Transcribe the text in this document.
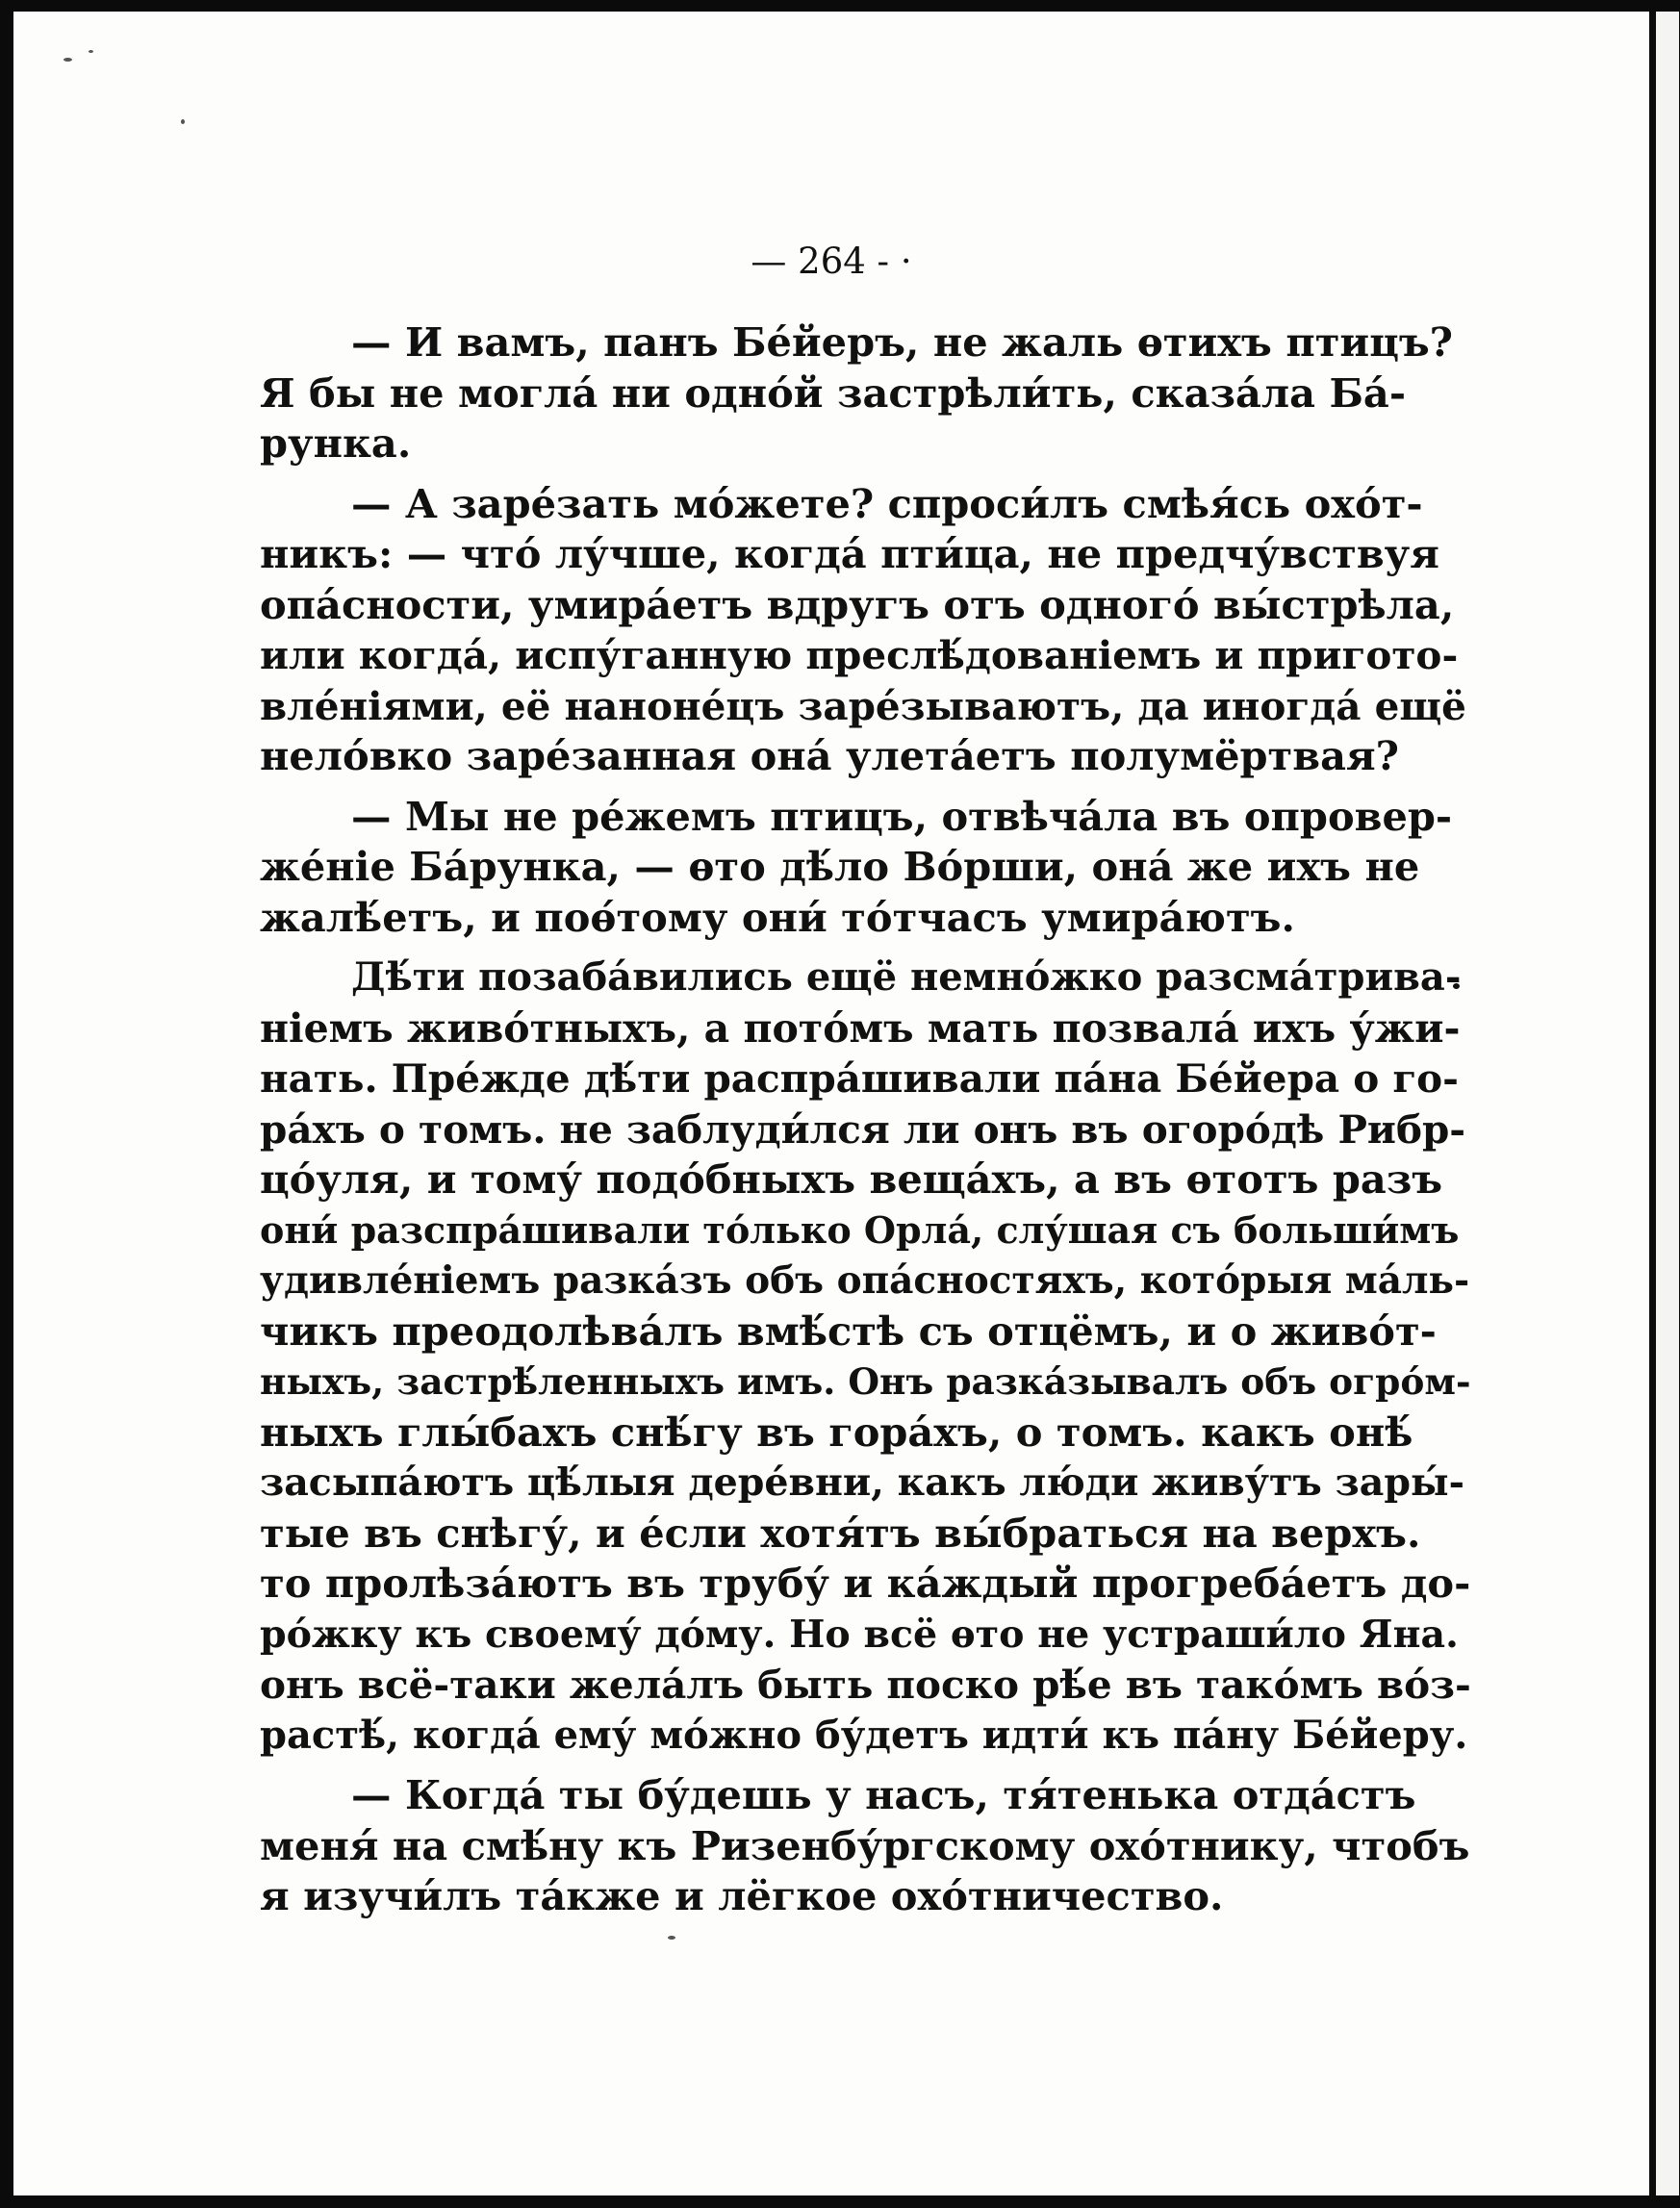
— 264 - ·
— И вамъ, панъ Бе́йеръ, не жаль ѳтихъ птицъ?
Я бы не могла́ ни одно́й застрѣли́ть, сказа́ла Ба́-
рунка.
— А заре́зать мо́жете? спроси́лъ смѣя́сь охо́т-
никъ: — что́ лу́чше, когда́ пти́ца, не предчу́вствуя
опа́сности, умира́етъ вдругъ отъ одного́ вы́стрѣла,
или когда́, испу́ганную преслѣ́дованіемъ и пригото-
вле́ніями, её наноне́цъ заре́зываютъ, да иногда́ ещё
нело́вко заре́занная она́ улета́етъ полумёртвая?
— Мы не ре́жемъ птицъ, отвѣча́ла въ опровер-
же́ніе Ба́рунка, — ѳто дѣ́ло Во́рши, она́ же ихъ не
жалѣ́етъ, и поѳ́тому они́ то́тчасъ умира́ютъ.
Дѣ́ти позаба́вились ещё немно́жко разсма́трива-
ніемъ живо́тныхъ, а пото́мъ мать позвала́ ихъ у́жи-
нать. Пре́жде дѣ́ти распра́шивали па́на Бе́йера о го-
ра́хъ о томъ. не заблуди́лся ли онъ въ огоро́дѣ Рибр-
цо́уля, и тому́ подо́бныхъ веща́хъ, а въ ѳтотъ разъ
они́ разспра́шивали то́лько Орла́, слу́шая съ больши́мъ
удивле́ніемъ разка́зъ объ опа́сностяхъ, кото́рыя ма́ль-
чикъ преодолѣва́лъ вмѣ́стѣ съ отцёмъ, и о живо́т-
ныхъ, застрѣ́ленныхъ имъ. Онъ разка́зывалъ объ огро́м-
ныхъ глы́бахъ снѣ́гу въ гора́хъ, о томъ. какъ онѣ́
засыпа́ютъ цѣ́лыя дере́вни, какъ лю́ди живу́тъ зары́-
тые въ снѣгу́, и е́сли хотя́тъ вы́браться на верхъ.
то пролѣза́ютъ въ трубу́ и ка́ждый прогреба́етъ до-
ро́жку къ своему́ до́му. Но всё ѳто не устраши́ло Яна.
онъ всё-таки жела́лъ быть поско рѣ́е въ тако́мъ во́з-
растѣ́, когда́ ему́ мо́жно бу́детъ идти́ къ па́ну Бе́йеру.
— Когда́ ты бу́дешь у насъ, тя́тенька отда́стъ
меня́ на смѣ́ну къ Ризенбу́ргскому охо́тнику, чтобъ
я изучи́лъ та́кже и лёгкое охо́тничество.
